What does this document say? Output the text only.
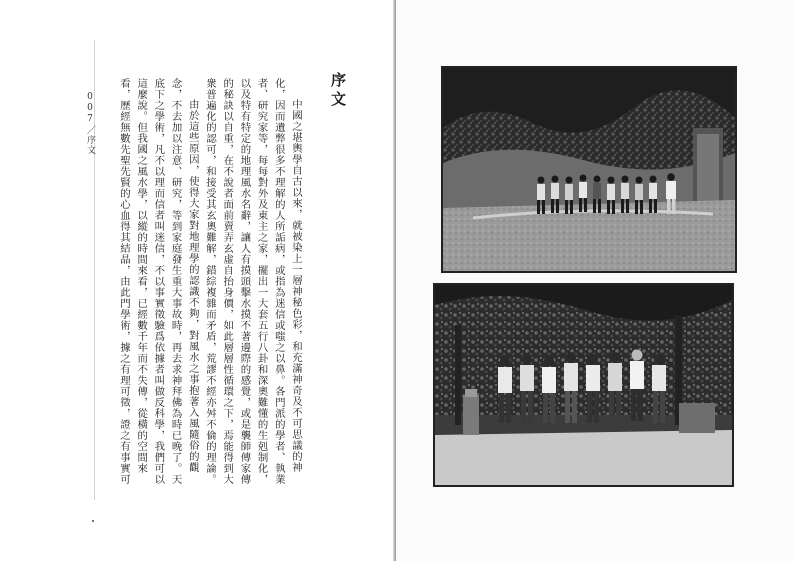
序文

中國之堪輿學自古以來，就被染上一層神秘色彩，和充滿神奇及不可思議的神化，因而遺弊很多不理解的人所詬病，或指為迷信或嗤之以鼻。各門派的學者、執業者、研究家等，每每對外及東主之家，擺出一大套五行八卦和深奧難懂的生剋制化，以及特有特定的地理風水名辭，讓人有摸頭擊水摸不著邊際的感覺，或是襲師傳家傳的秘訣以自重，在不說者面前賣弄玄虛自抬身價，如此層層性循環之下，焉能得到大衆普遍化的認可，和接受其玄奧難解，錯綜複雜而矛盾，荒謬不經亦舛不倫的理論。

由於這些原因，使得大家對地理學的認識不夠，對風水之事抱著入風隨俗的觀念，不去加以注意、研究，等到家庭發生重大事故時，再去求神拜佛為時已晚了。天底下之學術，凡不以理而信者叫迷信，不以事實徵驗爲依據者叫做反科學，我們可以這麼說。但我國之風水學，以縱的時間來看，已經數千年而不失傳，從橫的空間來看，歷經無數先聖先賢的心血得其結晶，由此門學術，據之有理可徵，證之有事實可

007／序文
